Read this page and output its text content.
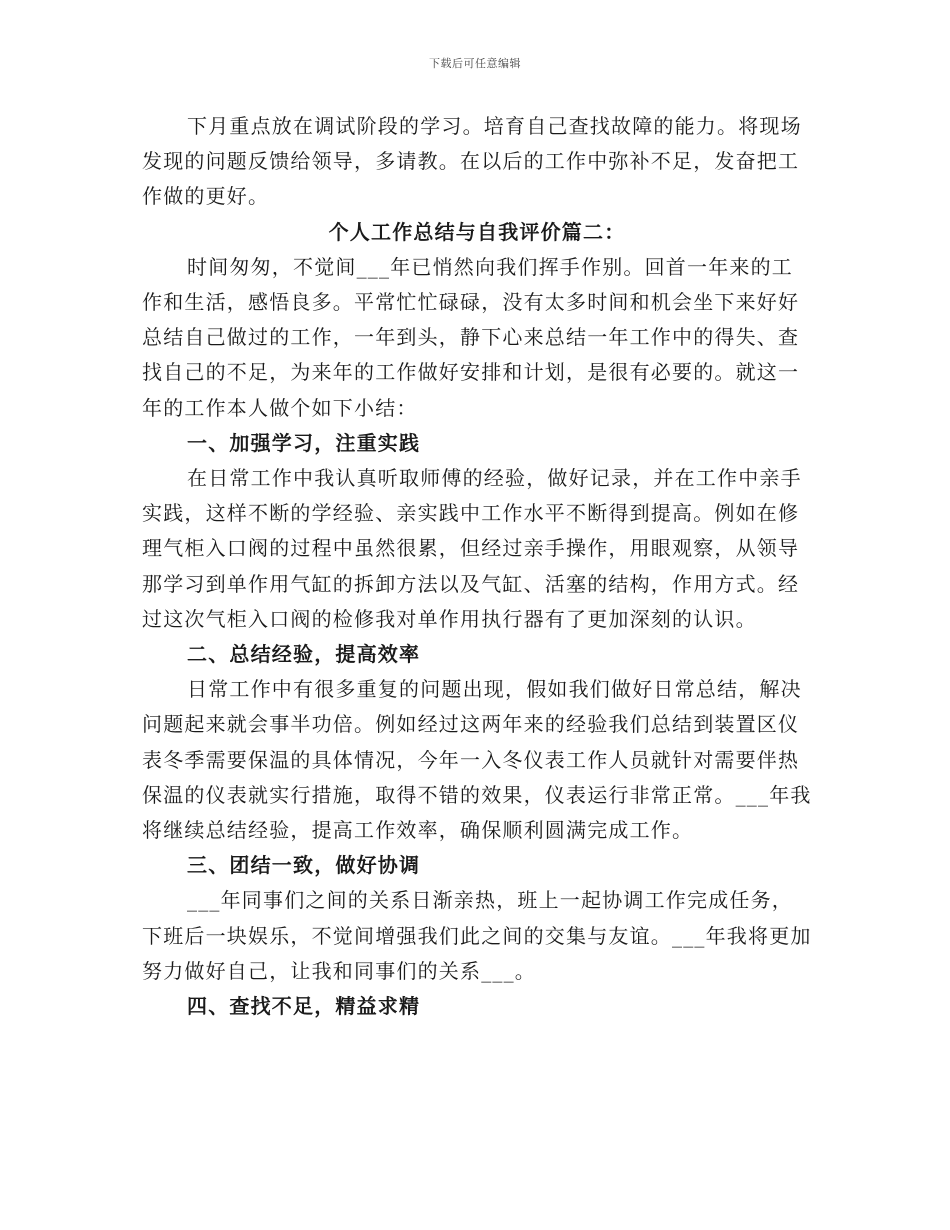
下载后可任意编辑

下月重点放在调试阶段的学习。培育自己查找故障的能力。将现场发现的问题反馈给领导，多请教。在以后的工作中弥补不足，发奋把工作做的更好。

个人工作总结与自我评价篇二：

时间匆匆，不觉间___年已悄然向我们挥手作别。回首一年来的工作和生活，感悟良多。平常忙忙碌碌，没有太多时间和机会坐下来好好总结自己做过的工作，一年到头，静下心来总结一年工作中的得失、查找自己的不足，为来年的工作做好安排和计划，是很有必要的。就这一年的工作本人做个如下小结：

一、加强学习，注重实践

在日常工作中我认真听取师傅的经验，做好记录，并在工作中亲手实践，这样不断的学经验、亲实践中工作水平不断得到提高。例如在修理气柜入口阀的过程中虽然很累，但经过亲手操作，用眼观察，从领导那学习到单作用气缸的拆卸方法以及气缸、活塞的结构，作用方式。经过这次气柜入口阀的检修我对单作用执行器有了更加深刻的认识。

二、总结经验，提高效率

日常工作中有很多重复的问题出现，假如我们做好日常总结，解决问题起来就会事半功倍。例如经过这两年来的经验我们总结到装置区仪表冬季需要保温的具体情况，今年一入冬仪表工作人员就针对需要伴热保温的仪表就实行措施，取得不错的效果，仪表运行非常正常。___年我将继续总结经验，提高工作效率，确保顺利圆满完成工作。

三、团结一致，做好协调

___年同事们之间的关系日渐亲热，班上一起协调工作完成任务，下班后一块娱乐，不觉间增强我们此之间的交集与友谊。___年我将更加努力做好自己，让我和同事们的关系___。

四、查找不足，精益求精
